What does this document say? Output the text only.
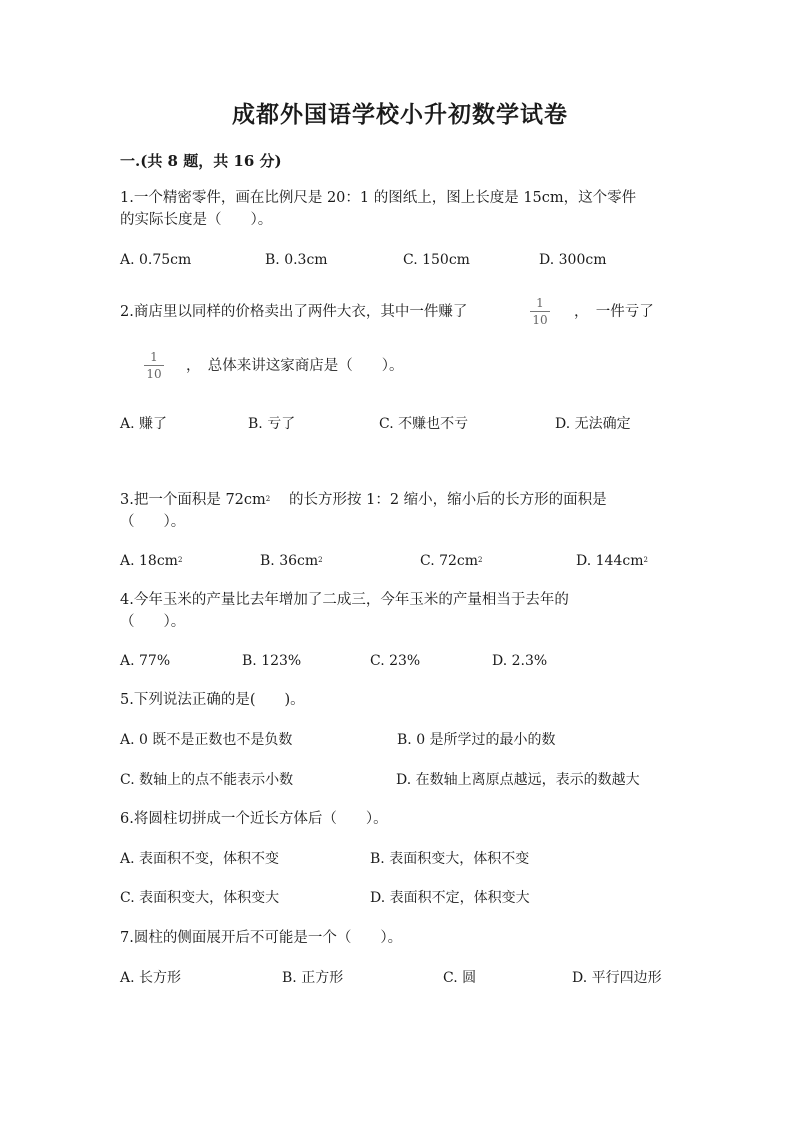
成都外国语学校小升初数学试卷
一.(共 8 题，共 16 分)
1.一个精密零件，画在比例尺是 20：1 的图纸上，图上长度是 15cm，这个零件
的实际长度是（　　）。
A. 0.75cm	B. 0.3cm	C. 150cm	D. 300cm
2.商店里以同样的价格卖出了两件大衣，其中一件赚了
1
10 ，　一件亏了
1
10 ，　总体来讲这家商店是（　　）。
A. 赚了	B. 亏了	C. 不赚也不亏	D. 无法确定
3.把一个面积是 $72cm^2$ 的长方形按 1：2 缩小，缩小后的长方形的面积是
（　　）。
A. $18cm^2$	B. $36cm^2$	C. $72cm^2$	D. $144cm^2$
4.今年玉米的产量比去年增加了二成三，今年玉米的产量相当于去年的
（　　）。
A. 77%	B. 123%	C. 23%	D. 2.3%
5.下列说法正确的是(　　)。
A. 0 既不是正数也不是负数	B. 0 是所学过的最小的数
C. 数轴上的点不能表示小数	D. 在数轴上离原点越远，表示的数越大
6.将圆柱切拼成一个近长方体后（　　）。
A. 表面积不变，体积不变	B. 表面积变大，体积不变
C. 表面积变大，体积变大	D. 表面积不定，体积变大
7.圆柱的侧面展开后不可能是一个（　　）。
A. 长方形	B. 正方形	C. 圆	D. 平行四边形
